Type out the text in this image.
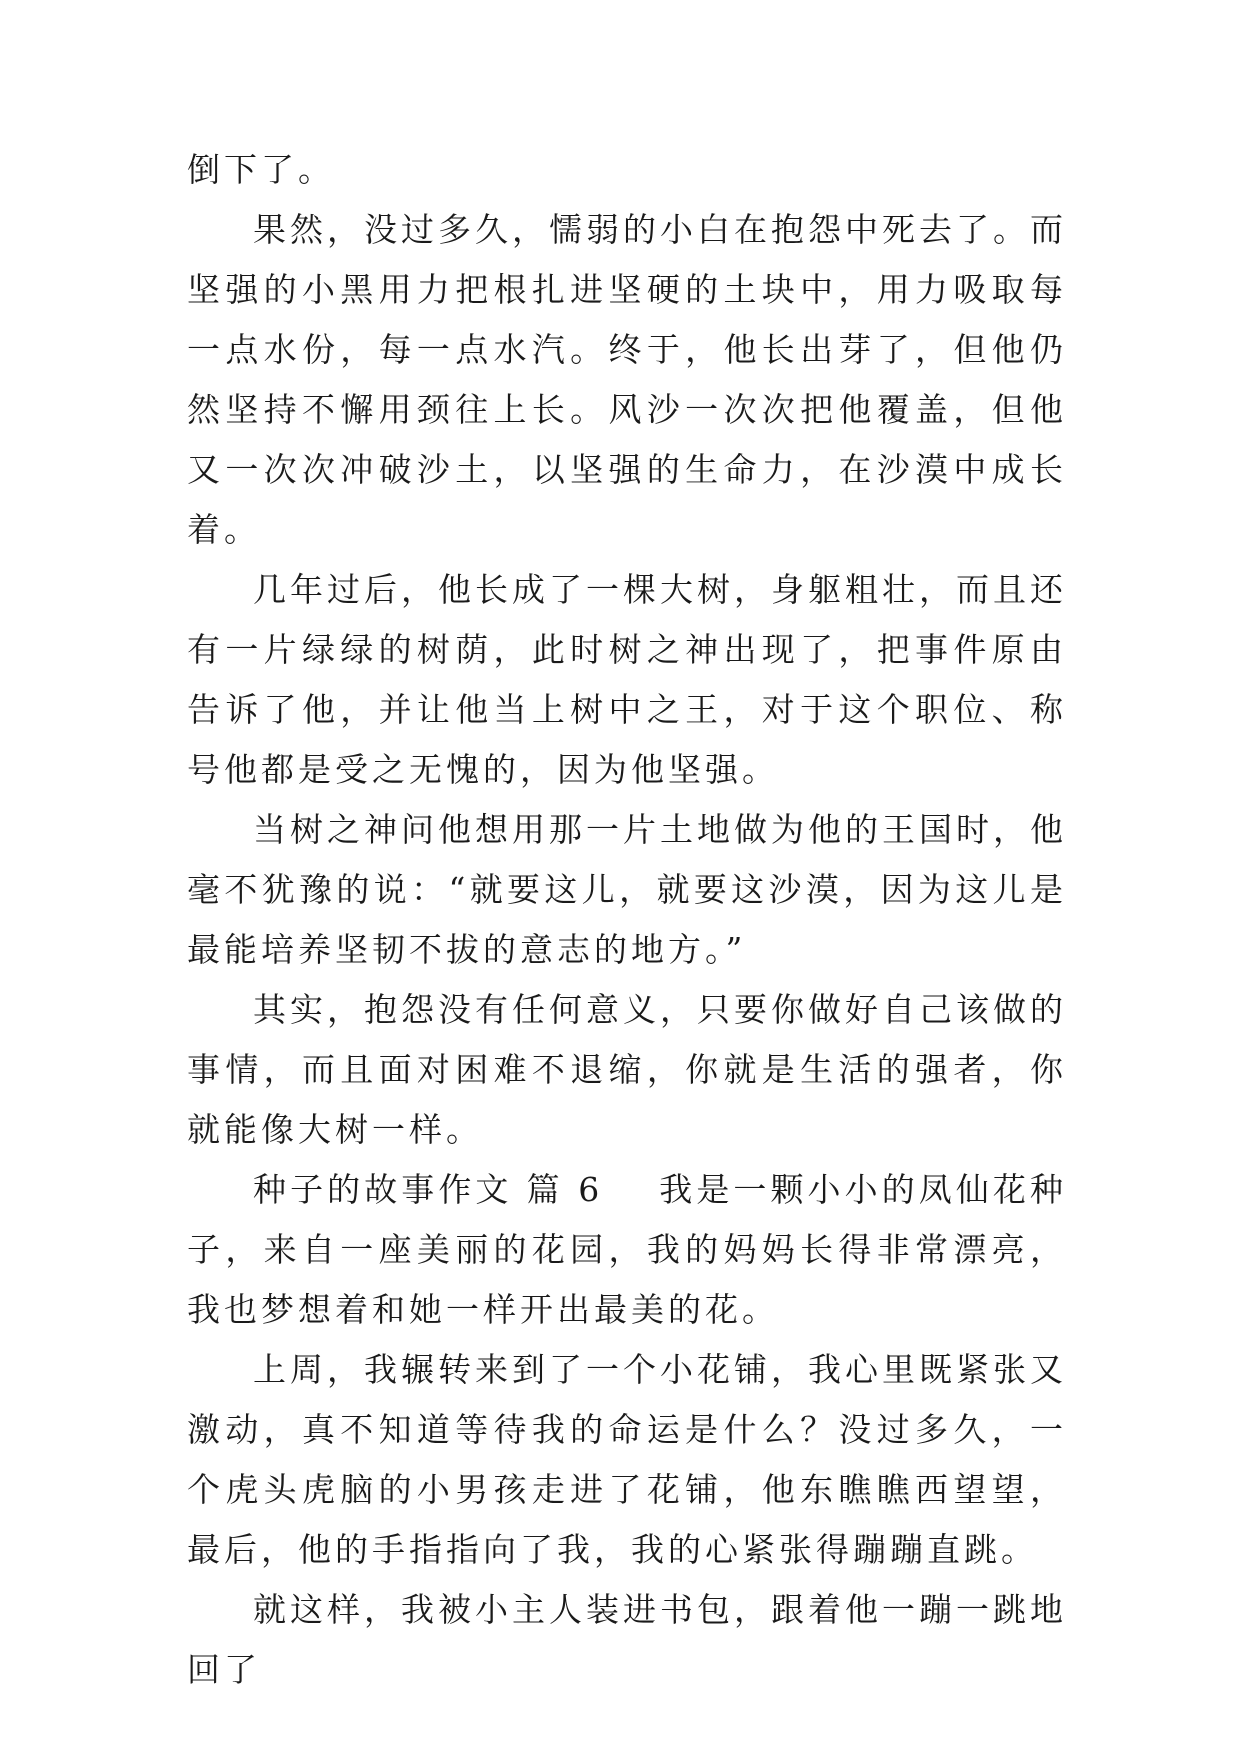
倒下了。

果然，没过多久，懦弱的小白在抱怨中死去了。而坚强的小黑用力把根扎进坚硬的土块中，用力吸取每一点水份，每一点水汽。终于，他长出芽了，但他仍然坚持不懈用颈往上长。风沙一次次把他覆盖，但他又一次次冲破沙土，以坚强的生命力，在沙漠中成长着。

几年过后，他长成了一棵大树，身躯粗壮，而且还有一片绿绿的树荫，此时树之神出现了，把事件原由告诉了他，并让他当上树中之王，对于这个职位、称号他都是受之无愧的，因为他坚强。

当树之神问他想用那一片土地做为他的王国时，他毫不犹豫的说：“就要这儿，就要这沙漠，因为这儿是最能培养坚韧不拔的意志的地方。”

其实，抱怨没有任何意义，只要你做好自己该做的事情，而且面对困难不退缩，你就是生活的强者，你就能像大树一样。

种子的故事作文 篇 6 我是一颗小小的凤仙花种子，来自一座美丽的花园，我的妈妈长得非常漂亮，我也梦想着和她一样开出最美的花。

上周，我辗转来到了一个小花铺，我心里既紧张又激动，真不知道等待我的命运是什么？没过多久，一个虎头虎脑的小男孩走进了花铺，他东瞧瞧西望望，最后，他的手指指向了我，我的心紧张得蹦蹦直跳。

就这样，我被小主人装进书包，跟着他一蹦一跳地回了
